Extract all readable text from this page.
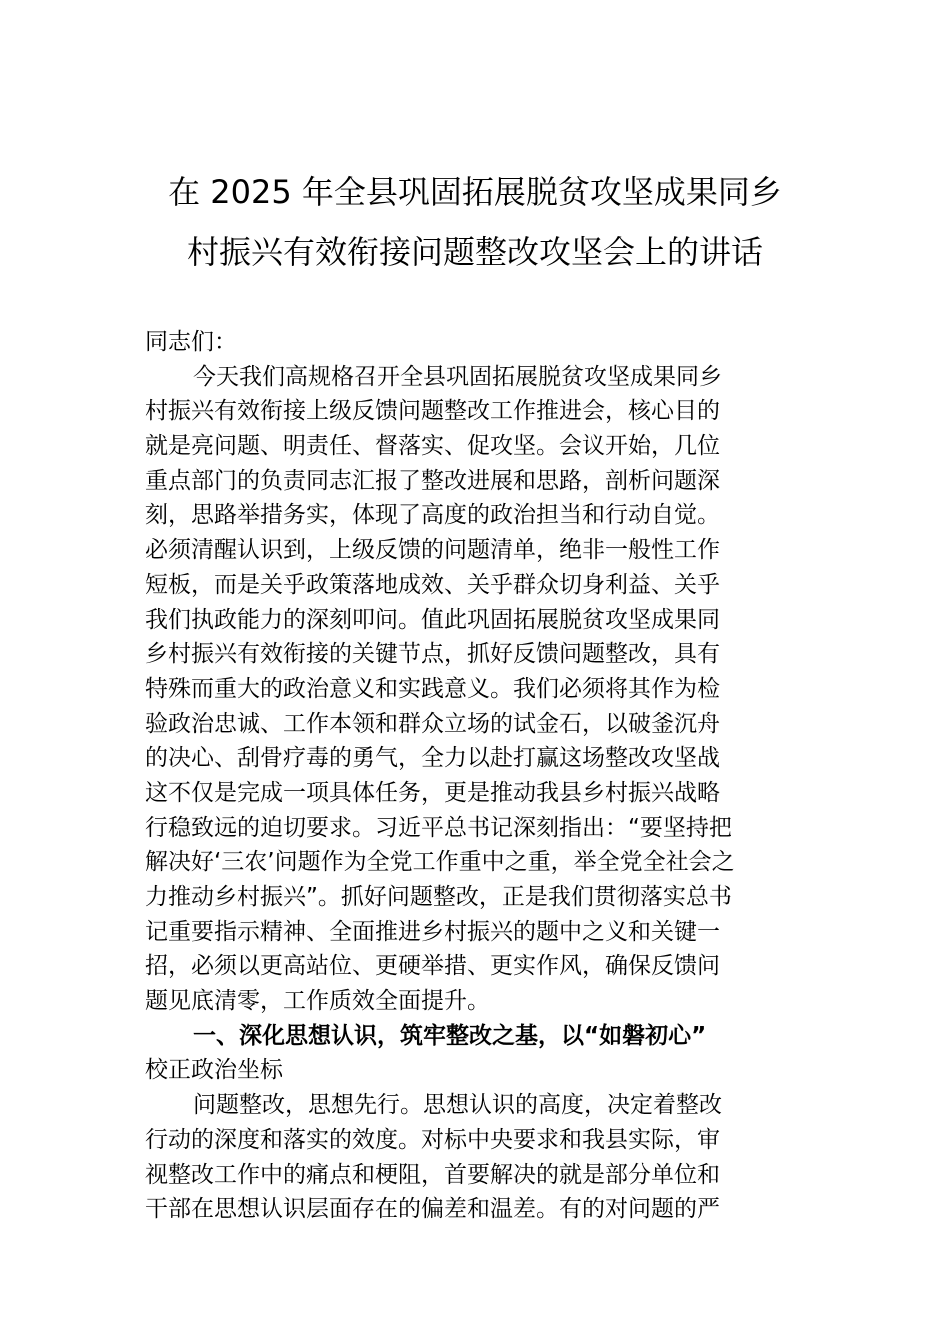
在 2025 年全县巩固拓展脱贫攻坚成果同乡
村振兴有效衔接问题整改攻坚会上的讲话
同志们：
今天我们高规格召开全县巩固拓展脱贫攻坚成果同乡
村振兴有效衔接上级反馈问题整改工作推进会，核心目的
就是亮问题、明责任、督落实、促攻坚。会议开始，几位
重点部门的负责同志汇报了整改进展和思路，剖析问题深
刻，思路举措务实，体现了高度的政治担当和行动自觉。
必须清醒认识到，上级反馈的问题清单，绝非一般性工作
短板，而是关乎政策落地成效、关乎群众切身利益、关乎
我们执政能力的深刻叩问。值此巩固拓展脱贫攻坚成果同
乡村振兴有效衔接的关键节点，抓好反馈问题整改，具有
特殊而重大的政治意义和实践意义。我们必须将其作为检
验政治忠诚、工作本领和群众立场的试金石，以破釜沉舟
的决心、刮骨疗毒的勇气，全力以赴打赢这场整改攻坚战
这不仅是完成一项具体任务，更是推动我县乡村振兴战略
行稳致远的迫切要求。习近平总书记深刻指出：“要坚持把
解决好‘三农’问题作为全党工作重中之重，举全党全社会之
力推动乡村振兴”。抓好问题整改，正是我们贯彻落实总书
记重要指示精神、全面推进乡村振兴的题中之义和关键一
招，必须以更高站位、更硬举措、更实作风，确保反馈问
题见底清零，工作质效全面提升。
一、深化思想认识，筑牢整改之基，以“如磐初心”
校正政治坐标
问题整改，思想先行。思想认识的高度，决定着整改
行动的深度和落实的效度。对标中央要求和我县实际，审
视整改工作中的痛点和梗阻，首要解决的就是部分单位和
干部在思想认识层面存在的偏差和温差。有的对问题的严
